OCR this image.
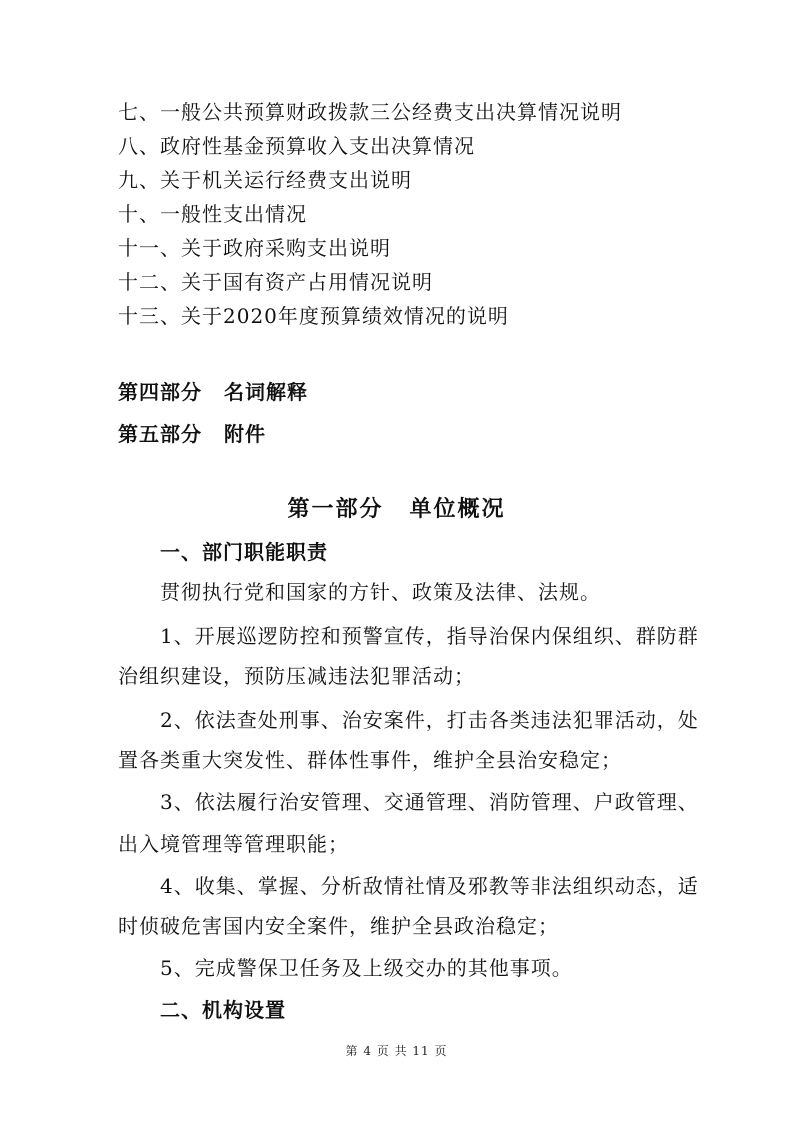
七、一般公共预算财政拨款三公经费支出决算情况说明
八、政府性基金预算收入支出决算情况
九、关于机关运行经费支出说明
十、一般性支出情况
十一、关于政府采购支出说明
十二、关于国有资产占用情况说明
十三、关于2020年度预算绩效情况的说明
第四部分 名词解释
第五部分 附件
第一部分 单位概况
一、部门职能职责
贯彻执行党和国家的方针、政策及法律、法规。
1、开展巡逻防控和预警宣传，指导治保内保组织、群防群
治组织建设，预防压减违法犯罪活动；
2、依法查处刑事、治安案件，打击各类违法犯罪活动，处
置各类重大突发性、群体性事件，维护全县治安稳定；
3、依法履行治安管理、交通管理、消防管理、户政管理、
出入境管理等管理职能；
4、收集、掌握、分析敌情社情及邪教等非法组织动态，适
时侦破危害国内安全案件，维护全县政治稳定；
5、完成警保卫任务及上级交办的其他事项。
二、机构设置
第 4 页 共 11 页
